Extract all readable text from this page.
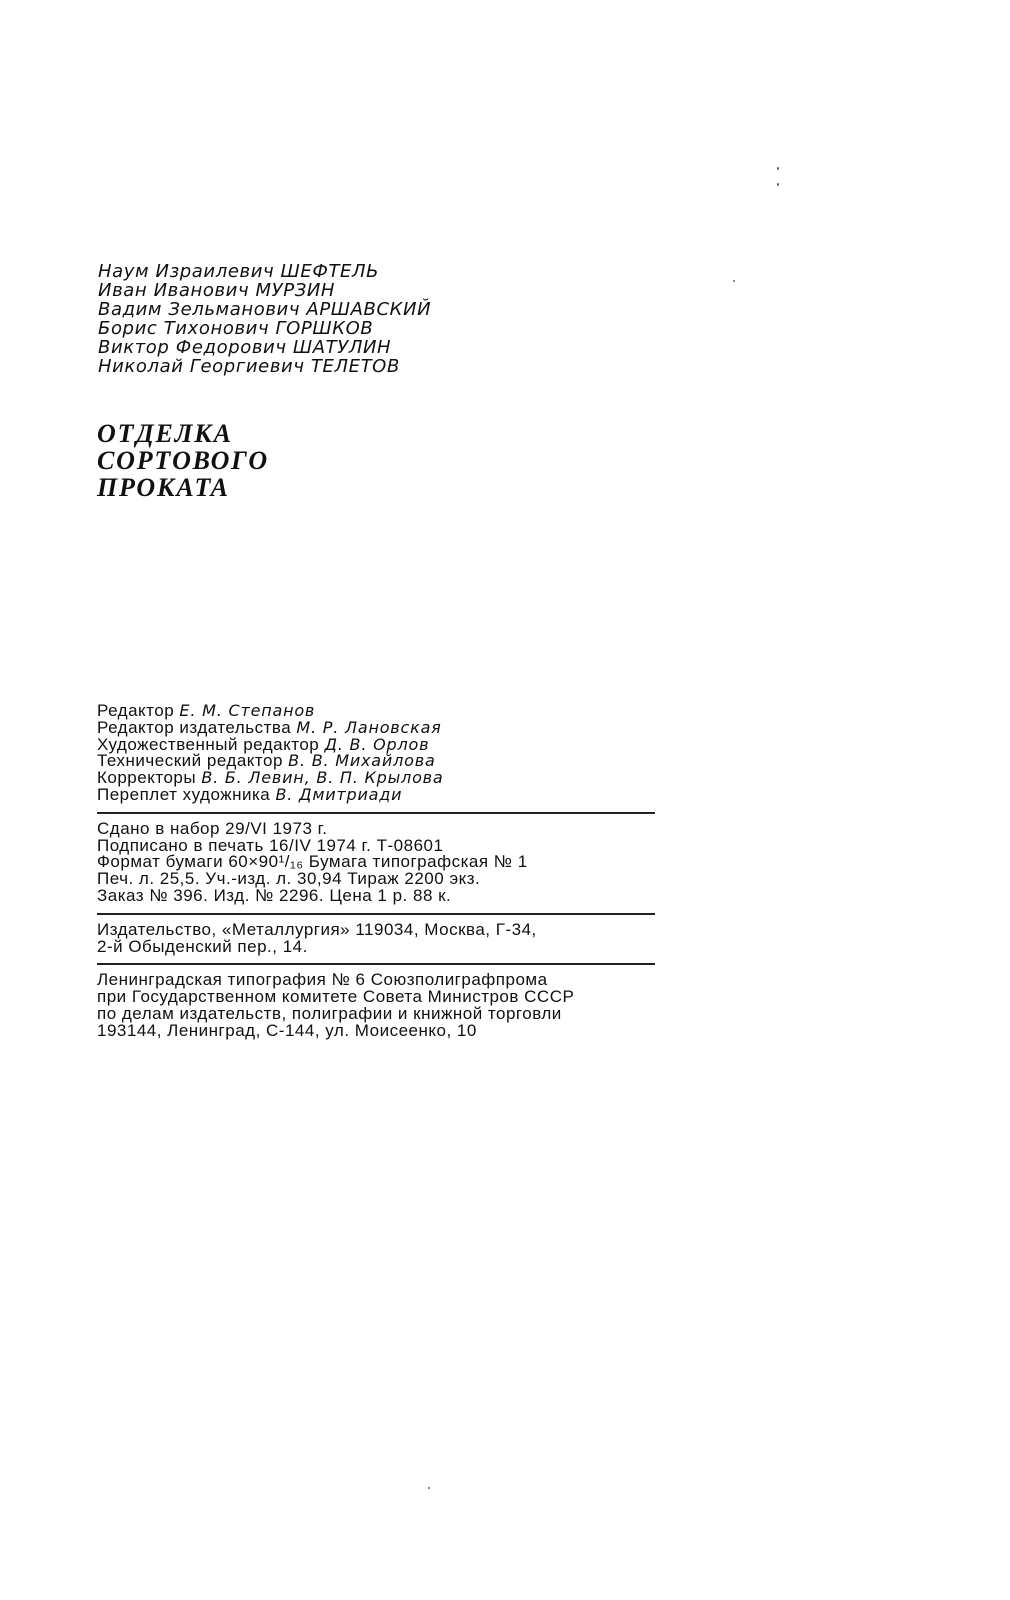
Наум Израилевич ШЕФТЕЛЬ
Иван Иванович МУРЗИН
Вадим Зельманович АРШАВСКИЙ
Борис Тихонович ГОРШКОВ
Виктор Федорович ШАТУЛИН
Николай Георгиевич ТЕЛЕТОВ
ОТДЕЛКА
СОРТОВОГО
ПРОКАТА
Редактор Е. М. Степанов
Редактор издательства М. Р. Лановская
Художественный редактор Д. В. Орлов
Технический редактор В. В. Михайлова
Корректоры В. Б. Левин, В. П. Крылова
Переплет художника В. Дмитриади
Сдано в набор 29/VI 1973 г.
Подписано в печать 16/IV 1974 г. Т-08601
Формат бумаги 60×90¹/₁₆ Бумага типографская № 1
Печ. л. 25,5. Уч.-изд. л. 30,94 Тираж 2200 экз.
Заказ № 396. Изд. № 2296. Цена 1 р. 88 к.
Издательство, «Металлургия» 119034, Москва, Г-34,
2-й Обыденский пер., 14.
Ленинградская типография № 6 Союзполиграфпрома
при Государственном комитете Совета Министров СССР
по делам издательств, полиграфии и книжной торговли
193144, Ленинград, С-144, ул. Моисеенко, 10
